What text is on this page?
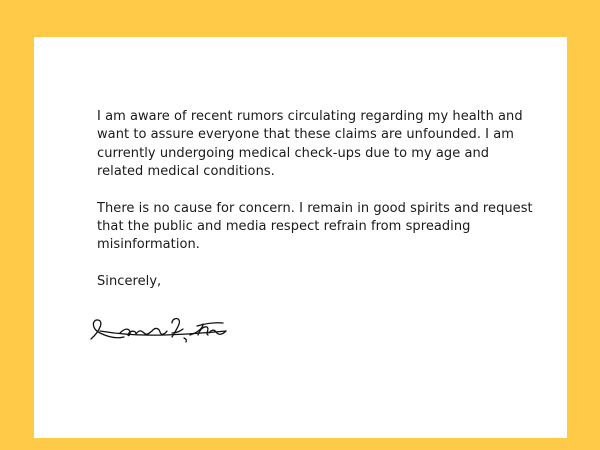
I am aware of recent rumors circulating regarding my health and want to assure everyone that these claims are unfounded. I am currently undergoing medical check-ups due to my age and related medical conditions.

There is no cause for concern. I remain in good spirits and request that the public and media respect refrain from spreading misinformation.

Sincerely,
